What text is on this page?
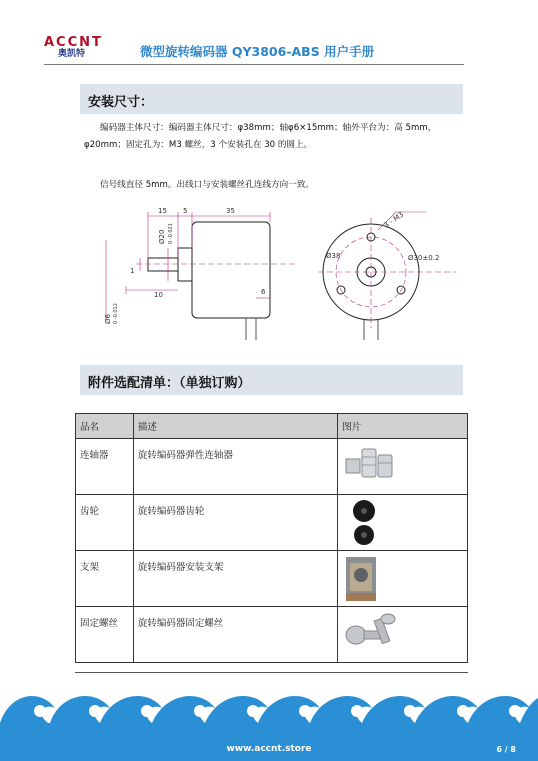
ACCNT
奥凯特	微型旋转编码器 QY3806-ABS 用户手册
安装尺寸：
编码器主体尺寸：编码器主体尺寸：φ38mm；轴φ6×15mm；轴外平台为：高 5mm，
φ20mm；固定孔为：M3 螺丝，3 个安装孔在 30 的圆上。
信号线直径 5mm。出线口与安装螺丝孔连线方向一致。
15 5	35
Ø20 0 -0.021
1
10
Ø6 0 -0.012
6
Ø38
3 - M3
Ø30±0.2
附件选配清单：（单独订购）
品名	描述	图片

连轴器	旋转编码器弹性连轴器

齿轮	旋转编码器齿轮

支架	旋转编码器安装支架

固定螺丝	旋转编码器固定螺丝

www.accnt.store	6 / 8
